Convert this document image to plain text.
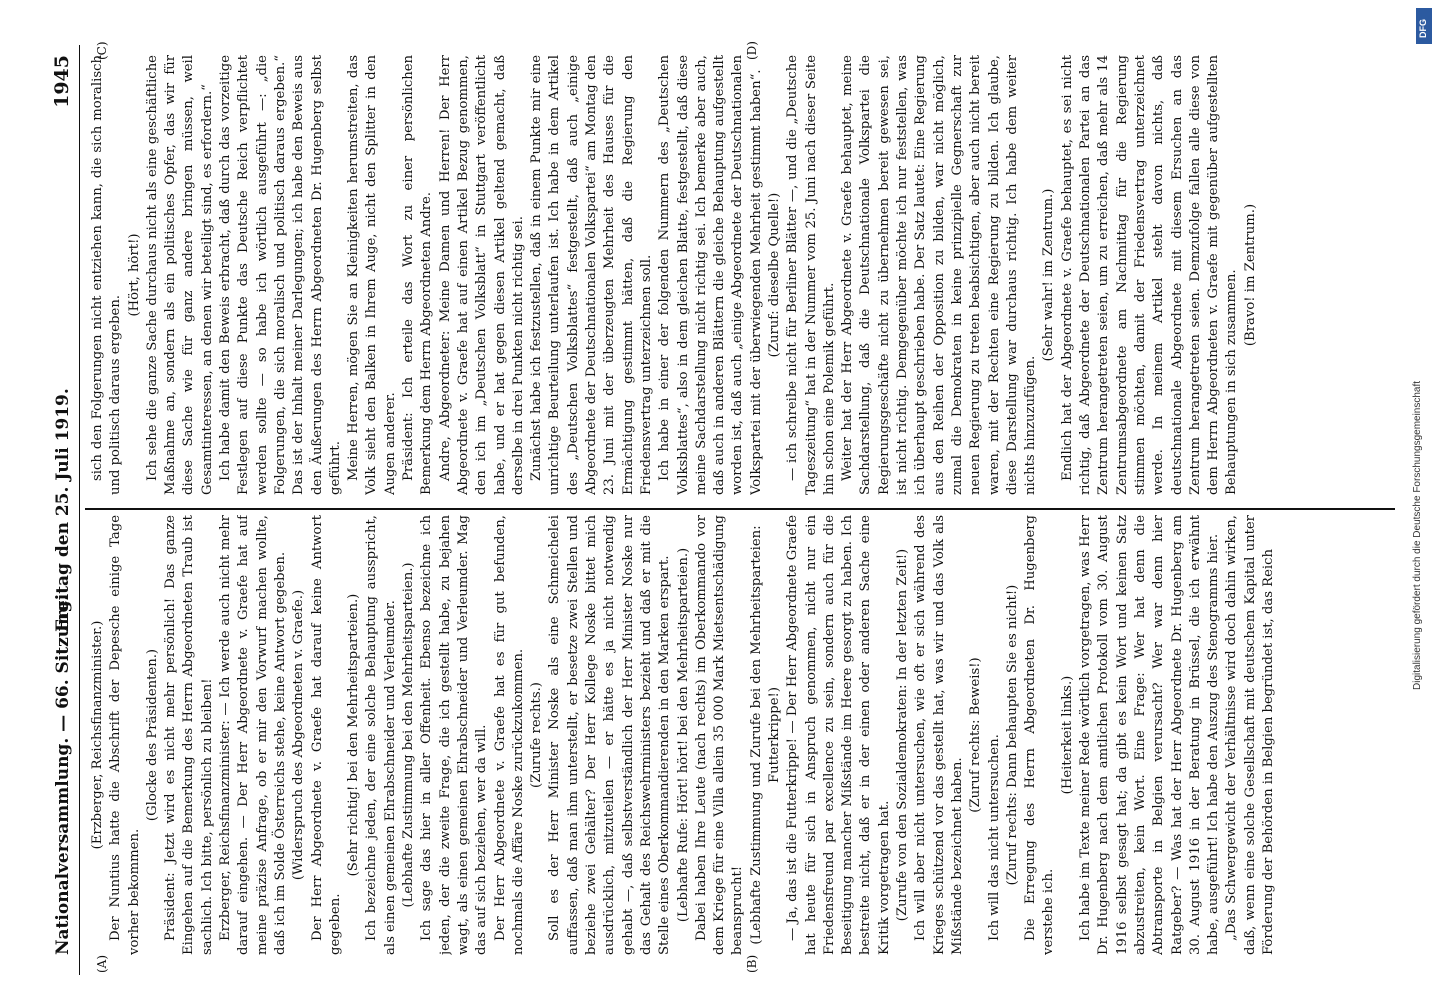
Nationalversammlung. — 66. Sitzung.
Freitag den 25. Juli 1919.
1945
(A)	(B)
(C)	(D)

(Erzberger, Reichsfinanzminister.) Der Nuntius hatte die Abschrift der Depesche einige Tage vorher bekommen.

(Glocke des Präsidenten.) Präsident: Jetzt wird es nicht mehr persönlich! Das ganze Eingehen auf die Bemerkung des Herrn Abgeordneten Traub ist sachlich. Ich bitte, persönlich zu bleiben! Erzberger, Reichsfinanzminister: — Ich werde auch nicht mehr darauf eingehen. — Der Herr Abgeordnete v. Graefe hat auf meine präzise Anfrage, ob er mir den Vorwurf machen wollte, daß ich im Solde Österreichs stehe, keine Antwort gegeben. (Widerspruch des Abgeordneten v. Graefe.) Der Herr Abgeordnete v. Graefe hat darauf keine Antwort gegeben.

(Sehr richtig! bei den Mehrheitsparteien.) Ich bezeichne jeden, der eine solche Behauptung ausspricht, als einen gemeinen Ehrabschneider und Verleumder. (Lebhafte Zustimmung bei den Mehrheitsparteien.) Ich sage das hier in aller Offenheit. Ebenso bezeichne ich jeden, der die zweite Frage, die ich gestellt habe, zu bejahen wagt, als einen gemeinen Ehrabschneider und Verleumder. Mag das auf sich beziehen, wer da will. Der Herr Abgeordnete v. Graefe hat es für gut befunden, nochmals die Affäre Noske zurückzukommen. (Zurufe rechts.) Soll es der Herr Minister Noske als eine Schmeichelei auffassen, daß man ihm unterstellt, er besetze zwei Stellen und beziehe zwei Gehälter? Der Herr Kollege Noske bittet mich ausdrücklich, mitzuteilen — er hätte es ja nicht notwendig gehabt —, daß selbstverständlich der Herr Minister Noske nur das Gehalt des Reichswehrministers bezieht und daß er mit die Stelle eines Oberkommandierenden in den Marken erspart. (Lebhafte Rufe: Hört! hört! bei den Mehrheitsparteien.) Dabei haben Ihre Leute (nach rechts) im Oberkommando vor dem Kriege für eine Villa allein 35 000 Mark Mietsentschädigung beansprucht! (Lebhafte Zustimmung und Zurufe bei den Mehrheitsparteien: Futterkrippe!) — Ja, das ist die Futterkrippe! — Der Herr Abgeordnete Graefe hat heute für sich in Anspruch genommen, nicht nur ein Friedensfreund par excellence zu sein, sondern auch für die Beseitigung mancher Mißstände im Heere gesorgt zu haben. Ich bestreite nicht, daß er in der einen oder anderen Sache eine Kritik vorgetragen hat. (Zurufe von den Sozialdemokraten: In der letzten Zeit!) Ich will aber nicht untersuchen, wie oft er sich während des Krieges schützend vor das gestellt hat, was wir und das Volk als Mißstände bezeichnet haben.

(Zuruf rechts: Beweis!) Ich will das nicht untersuchen. (Zuruf rechts: Dann behaupten Sie es nicht!) Die Erregung des Herrn Abgeordneten Dr. Hugenberg verstehe ich.

(Heiterkeit links.) Ich habe im Texte meiner Rede wörtlich vorgetragen, was Herr Dr. Hugenberg nach dem amtlichen Protokoll vom 30. August 1916 selbst gesagt hat; da gibt es kein Wort und keinen Satz abzustreiten, kein Wort. Eine Frage: Wer hat denn die Abtransporte in Belgien verursacht? Wer war denn hier Ratgeber? — Was hat der Herr Abgeordnete Dr. Hugenberg am 30. August 1916 in der Beratung in Brüssel, die ich erwähnt habe, ausgeführt! Ich habe den Auszug des Stenogramms hier. „Das Schwergewicht der Verhältnisse wird doch dahin wirken, daß, wenn eine solche Gesellschaft mit deutschem Kapital unter Förderung der Behörden in Belgien begründet ist, das Reich

sich den Folgerungen nicht entziehen kann, die sich moralisch und politisch daraus ergeben.

(Hört, hört!) Ich sehe die ganze Sache durchaus nicht als eine geschäftliche Maßnahme an, sondern als ein politisches Opfer, das wir für diese Sache wie für ganz andere bringen müssen, weil Gesamtinteressen, an denen wir beteiligt sind, es erfordern.“ Ich habe damit den Beweis erbracht, daß durch das vorzeitige Festlegen auf diese Punkte das Deutsche Reich verpflichtet werden sollte — so habe ich wörtlich ausgeführt —: „die Folgerungen, die sich moralisch und politisch daraus ergeben.“ Das ist der Inhalt meiner Darlegungen; ich habe den Beweis aus den Äußerungen des Herrn Abgeordneten Dr. Hugenberg selbst geführt. Meine Herren, mögen Sie an Kleinigkeiten herumstreiten, das Volk sieht den Balken in Ihrem Auge, nicht den Splitter in den Augen anderer. Präsident: Ich erteile das Wort zu einer persönlichen Bemerkung dem Herrn Abgeordneten Andre. Andre, Abgeordneter: Meine Damen und Herren! Der Herr Abgeordnete v. Graefe hat auf einen Artikel Bezug genommen, den ich im „Deutschen Volksblatt“ in Stuttgart veröffentlicht habe, und er hat gegen diesen Artikel geltend gemacht, daß derselbe in drei Punkten nicht richtig sei. Zunächst habe ich festzustellen, daß in einem Punkte mir eine unrichtige Beurteilung unterlaufen ist. Ich habe in dem Artikel des „Deutschen Volksblattes“ festgestellt, daß auch „einige Abgeordnete der Deutschnationalen Volkspartei“ am Montag den 23. Juni mit der überzeugten Mehrheit des Hauses für die Ermächtigung gestimmt hätten, daß die Regierung den Friedensvertrag unterzeichnen soll. Ich habe in einer der folgenden Nummern des „Deutschen Volksblattes“, also in dem gleichen Blatte, festgestellt, daß diese meine Sachdarstellung nicht richtig sei. Ich bemerke aber auch, daß auch in anderen Blättern die gleiche Behauptung aufgestellt worden ist, daß auch „einige Abgeordnete der Deutschnationalen Volkspartei mit der überwiegenden Mehrheit gestimmt haben“. (Zuruf: dieselbe Quelle!) — ich schreibe nicht für Berliner Blätter —, und die „Deutsche Tageszeitung“ hat in der Nummer vom 25. Juni nach dieser Seite hin schon eine Polemik geführt. Weiter hat der Herr Abgeordnete v. Graefe behauptet, meine Sachdarstellung, daß die Deutschnationale Volkspartei die Regierungsgeschäfte nicht zu übernehmen bereit gewesen sei, ist nicht richtig. Demgegenüber möchte ich nur feststellen, was ich überhaupt geschrieben habe. Der Satz lautet: Eine Regierung aus den Reihen der Opposition zu bilden, war nicht möglich, zumal die Demokraten in keine prinzipielle Gegnerschaft zur neuen Regierung zu treten beabsichtigen, aber auch nicht bereit waren, mit der Rechten eine Regierung zu bilden. Ich glaube, diese Darstellung war durchaus richtig. Ich habe dem weiter nichts hinzuzufügen.

(Sehr wahr! im Zentrum.) Endlich hat der Abgeordnete v. Graefe behauptet, es sei nicht richtig, daß Abgeordnete der Deutschnationalen Partei an das Zentrum herangetreten seien, um zu erreichen, daß mehr als 14 Zentrumsabgeordnete am Nachmittag für die Regierung stimmen möchten, damit der Friedensvertrag unterzeichnet werde. In meinem Artikel steht davon nichts, daß deutschnationale Abgeordnete mit diesem Ersuchen an das Zentrum herangetreten seien. Demzufolge fallen alle diese von dem Herrn Abgeordneten v. Graefe mit gegenüber aufgestellten Behauptungen in sich zusammen. (Bravo! im Zentrum.)

DFG
Digitalisierung gefördert durch die Deutsche Forschungsgemeinschaft
